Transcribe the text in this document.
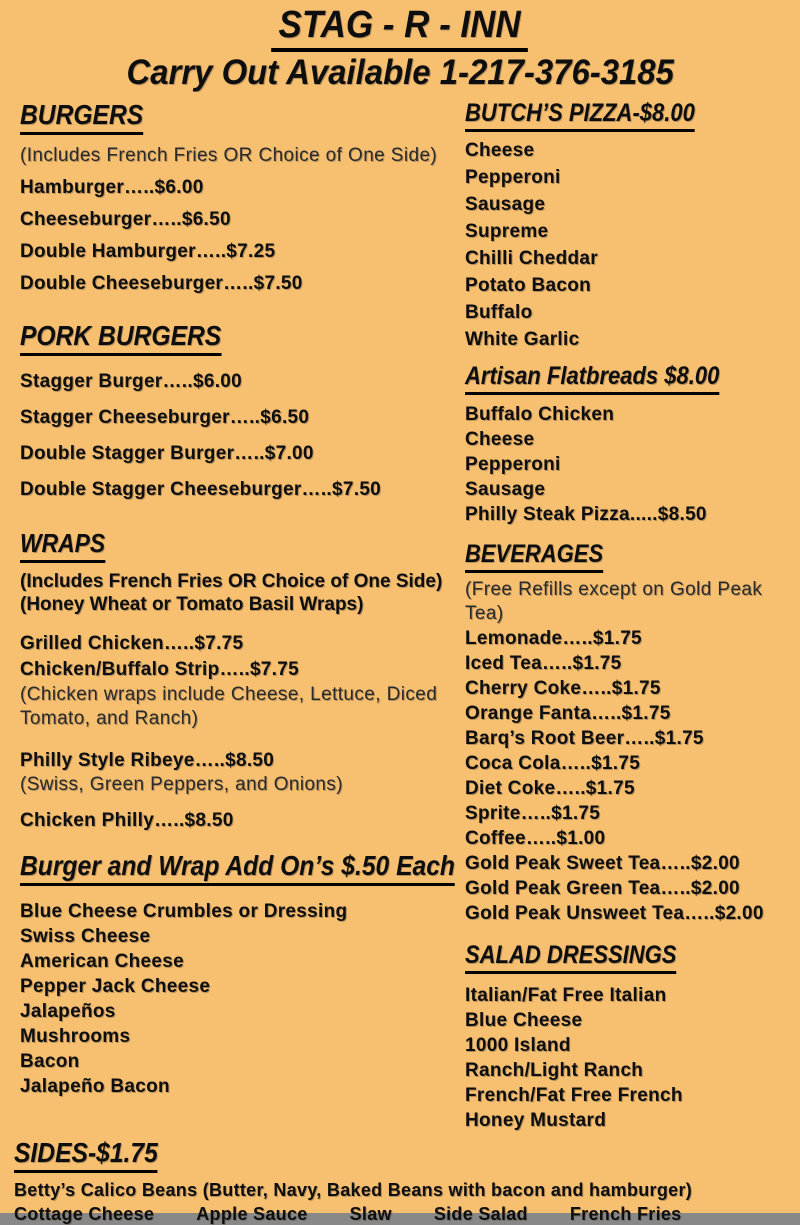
STAG - R - INN
Carry Out Available 1-217-376-3185
BURGERS
(Includes French Fries OR Choice of One Side)
Hamburger…..$6.00
Cheeseburger…..$6.50
Double Hamburger…..$7.25
Double Cheeseburger…..$7.50
PORK BURGERS
Stagger Burger…..$6.00
Stagger Cheeseburger…..$6.50
Double Stagger Burger…..$7.00
Double Stagger Cheeseburger…..$7.50
WRAPS
(Includes French Fries OR Choice of One Side)
(Honey Wheat or Tomato Basil Wraps)
Grilled Chicken…..$7.75
Chicken/Buffalo Strip…..$7.75
(Chicken wraps include Cheese, Lettuce, Diced Tomato, and Ranch)
Philly Style Ribeye…..$8.50
(Swiss, Green Peppers, and Onions)
Chicken Philly…..$8.50
Burger and Wrap Add On’s $.50 Each
Blue Cheese Crumbles or Dressing
Swiss Cheese
American Cheese
Pepper Jack Cheese
Jalapeños
Mushrooms
Bacon
Jalapeño Bacon
BUTCH’S PIZZA-$8.00
Cheese
Pepperoni
Sausage
Supreme
Chilli Cheddar
Potato Bacon
Buffalo
White Garlic
Artisan Flatbreads $8.00
Buffalo Chicken
Cheese
Pepperoni
Sausage
Philly Steak Pizza.....$8.50
BEVERAGES
(Free Refills except on Gold Peak Tea)
Lemonade…..$1.75
Iced Tea…..$1.75
Cherry Coke…..$1.75
Orange Fanta…..$1.75
Barq’s Root Beer…..$1.75
Coca Cola…..$1.75
Diet Coke…..$1.75
Sprite…..$1.75
Coffee…..$1.00
Gold Peak Sweet Tea…..$2.00
Gold Peak Green Tea…..$2.00
Gold Peak Unsweet Tea…..$2.00
SALAD DRESSINGS
Italian/Fat Free Italian
Blue Cheese
1000 Island
Ranch/Light Ranch
French/Fat Free French
Honey Mustard
SIDES-$1.75
Betty’s Calico Beans (Butter, Navy, Baked Beans with bacon and hamburger)
Cottage Cheese Apple Sauce Slaw Side Salad French Fries
